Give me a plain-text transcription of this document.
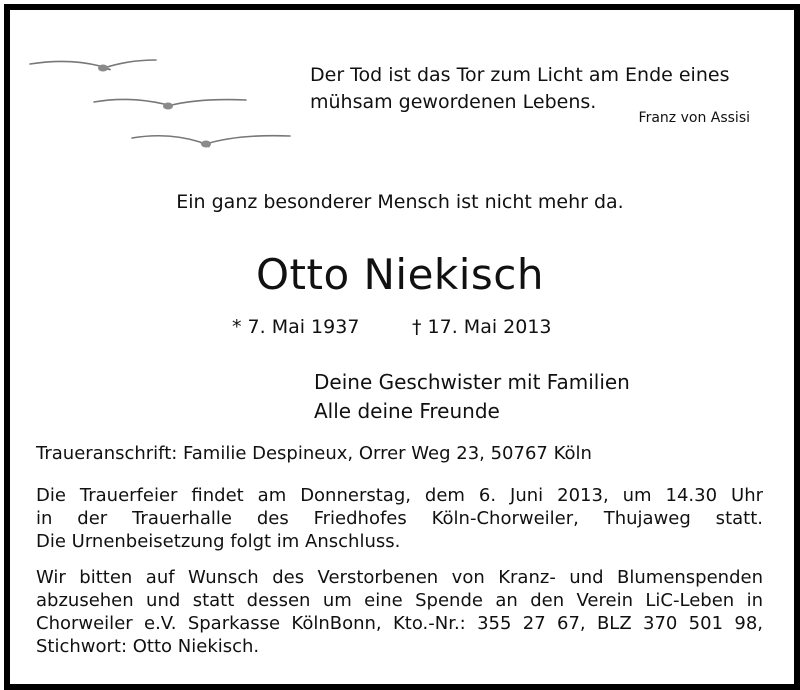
Der Tod ist das Tor zum Licht am Ende eines
mühsam gewordenen Lebens.
Franz von Assisi
Ein ganz besonderer Mensch ist nicht mehr da.
Otto Niekisch
* 7. Mai 1937	† 17. Mai 2013
Deine Geschwister mit Familien
Alle deine Freunde
Traueranschrift: Familie Despineux, Orrer Weg 23, 50767 Köln
Die Trauerfeier findet am Donnerstag, dem 6. Juni 2013, um 14.30 Uhr
in der Trauerhalle des Friedhofes Köln-Chorweiler, Thujaweg statt.
Die Urnenbeisetzung folgt im Anschluss.
Wir bitten auf Wunsch des Verstorbenen von Kranz- und Blumenspenden
abzusehen und statt dessen um eine Spende an den Verein LiC-Leben in
Chorweiler e.V. Sparkasse KölnBonn, Kto.-Nr.: 355 27 67, BLZ 370 501 98,
Stichwort: Otto Niekisch.
